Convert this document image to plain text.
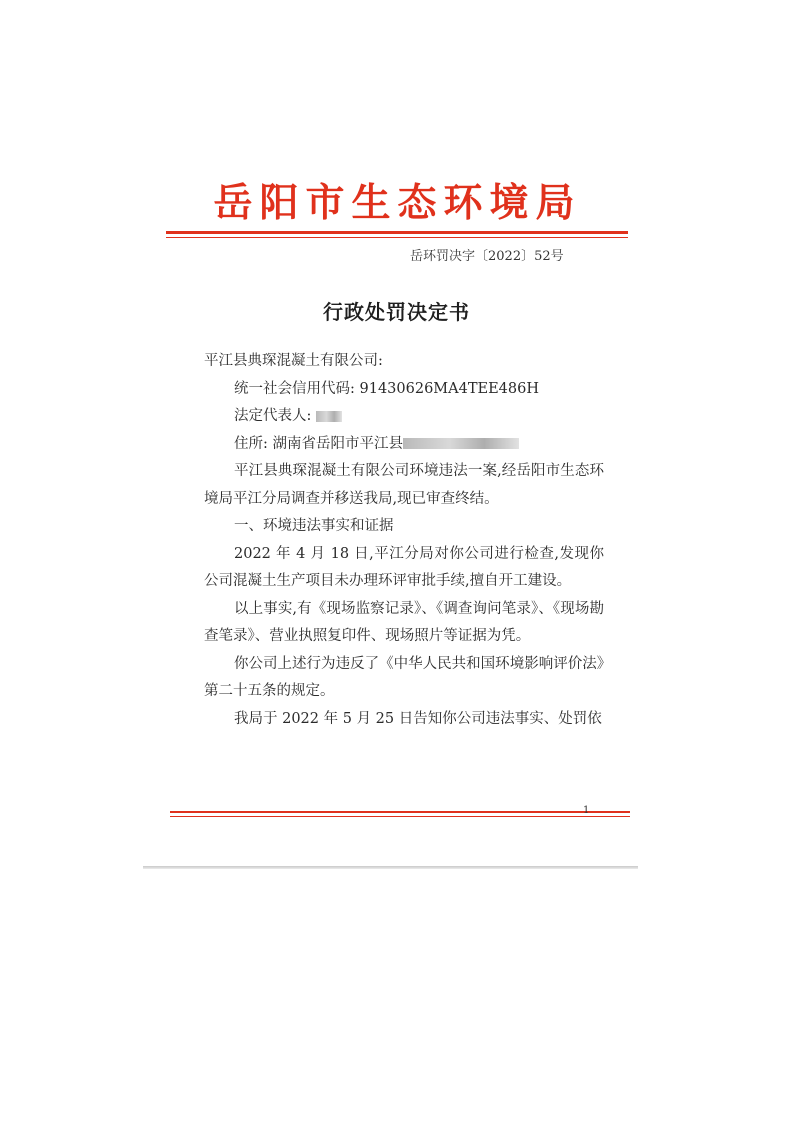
岳阳市生态环境局
岳环罚决字〔2022〕52号
行政处罚决定书

平江县典琛混凝土有限公司:

统一社会信用代码: 91430626MA4TEE486H

法定代表人:

住所: 湖南省岳阳市平江县

平江县典琛混凝土有限公司环境违法一案,经岳阳市生态环境局平江分局调查并移送我局,现已审查终结。

一、环境违法事实和证据

2022 年 4 月 18 日,平江分局对你公司进行检查,发现你公司混凝土生产项目未办理环评审批手续,擅自开工建设。

以上事实,有《现场监察记录》、《调查询问笔录》、《现场勘查笔录》、营业执照复印件、现场照片等证据为凭。

你公司上述行为违反了《中华人民共和国环境影响评价法》第二十五条的规定。

我局于 2022 年 5 月 25 日告知你公司违法事实、处罚依

1
